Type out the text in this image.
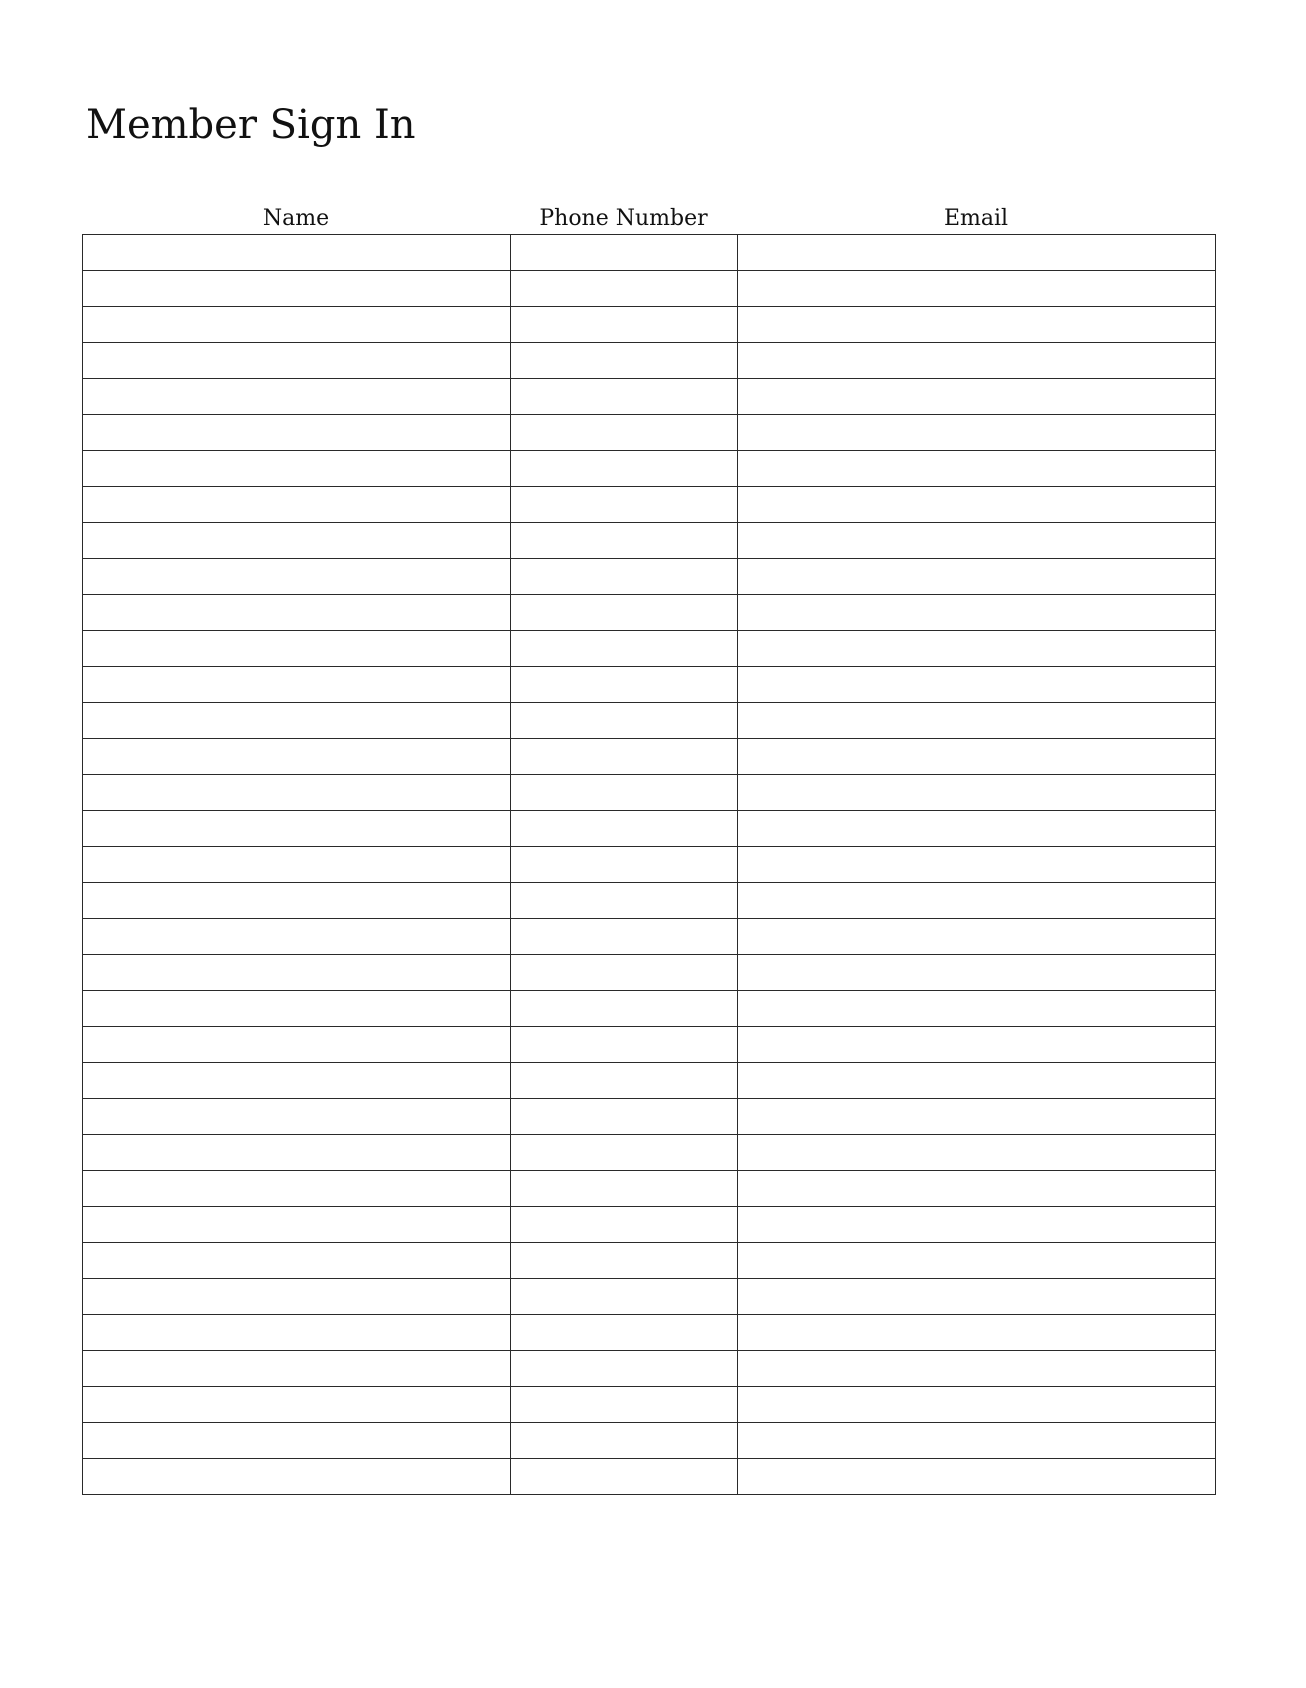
Member Sign In
Name	Phone Number	Email
